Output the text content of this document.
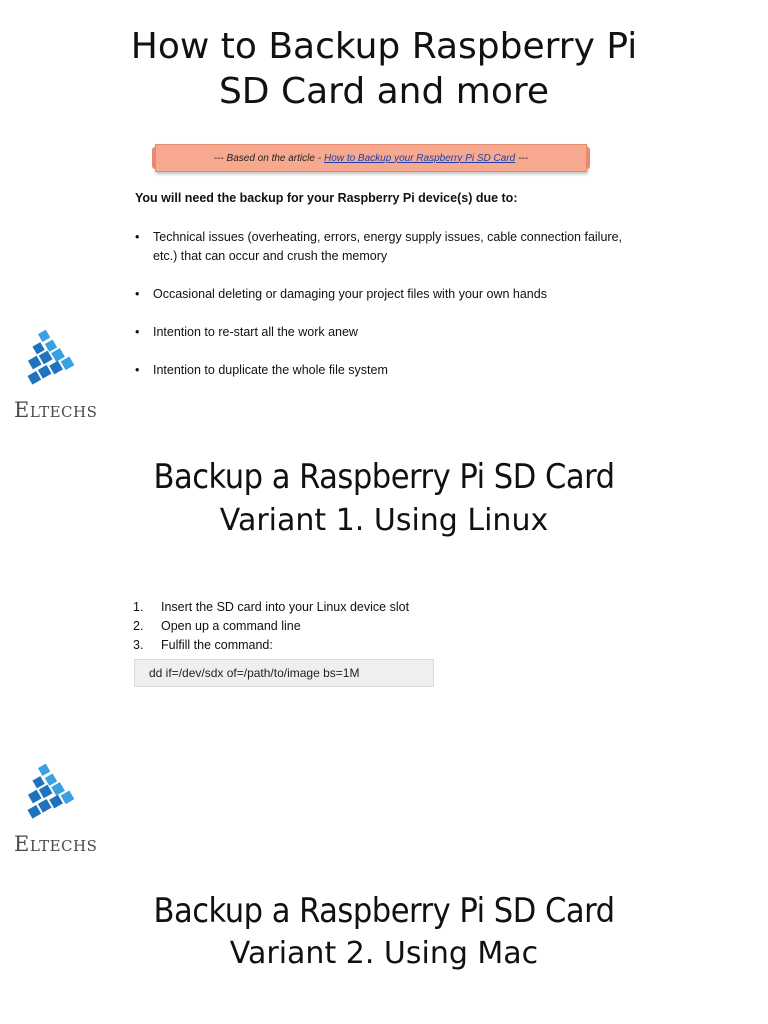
How to Backup Raspberry Pi
SD Card and more
--- Based on the article - How to Backup your Raspberry Pi SD Card ---
You will need the backup for your Raspberry Pi device(s) due to:
• Technical issues (overheating, errors, energy supply issues, cable connection failure, etc.) that can occur and crush the memory
• Occasional deleting or damaging your project files with your own hands
• Intention to re-start all the work anew
• Intention to duplicate the whole file system
Eltechs
Backup a Raspberry Pi SD Card
Variant 1. Using Linux
1.	Insert the SD card into your Linux device slot
2.	Open up a command line
3.	Fulfill the command:
dd if=/dev/sdx of=/path/to/image bs=1M
Eltechs
Backup a Raspberry Pi SD Card
Variant 2. Using Mac
